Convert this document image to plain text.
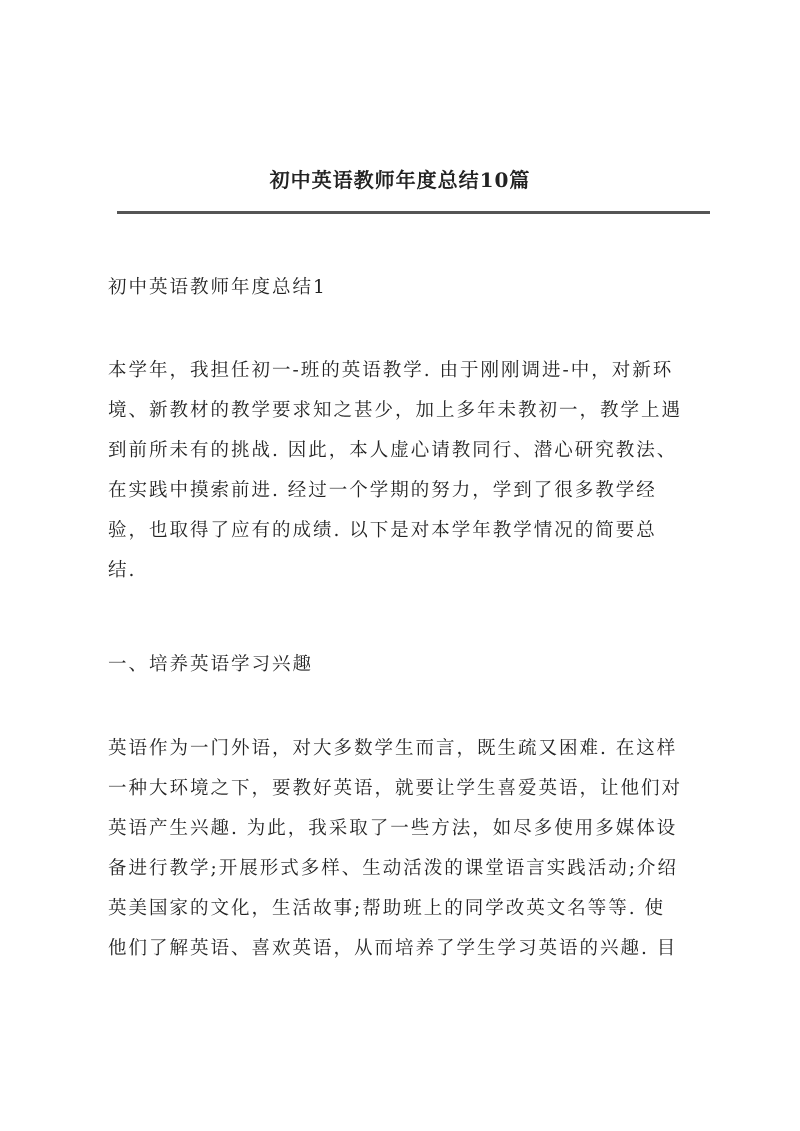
初中英语教师年度总结10篇
初中英语教师年度总结1
本学年，我担任初一-班的英语教学. 由于刚刚调进-中，对新环
境、新教材的教学要求知之甚少，加上多年未教初一，教学上遇
到前所未有的挑战. 因此，本人虚心请教同行、潜心研究教法、
在实践中摸索前进. 经过一个学期的努力，学到了很多教学经
验，也取得了应有的成绩. 以下是对本学年教学情况的简要总
结.
一、培养英语学习兴趣
英语作为一门外语，对大多数学生而言，既生疏又困难. 在这样
一种大环境之下，要教好英语，就要让学生喜爱英语，让他们对
英语产生兴趣. 为此，我采取了一些方法，如尽多使用多媒体设
备进行教学;开展形式多样、生动活泼的课堂语言实践活动;介绍
英美国家的文化，生活故事;帮助班上的同学改英文名等等. 使
他们了解英语、喜欢英语，从而培养了学生学习英语的兴趣. 目
